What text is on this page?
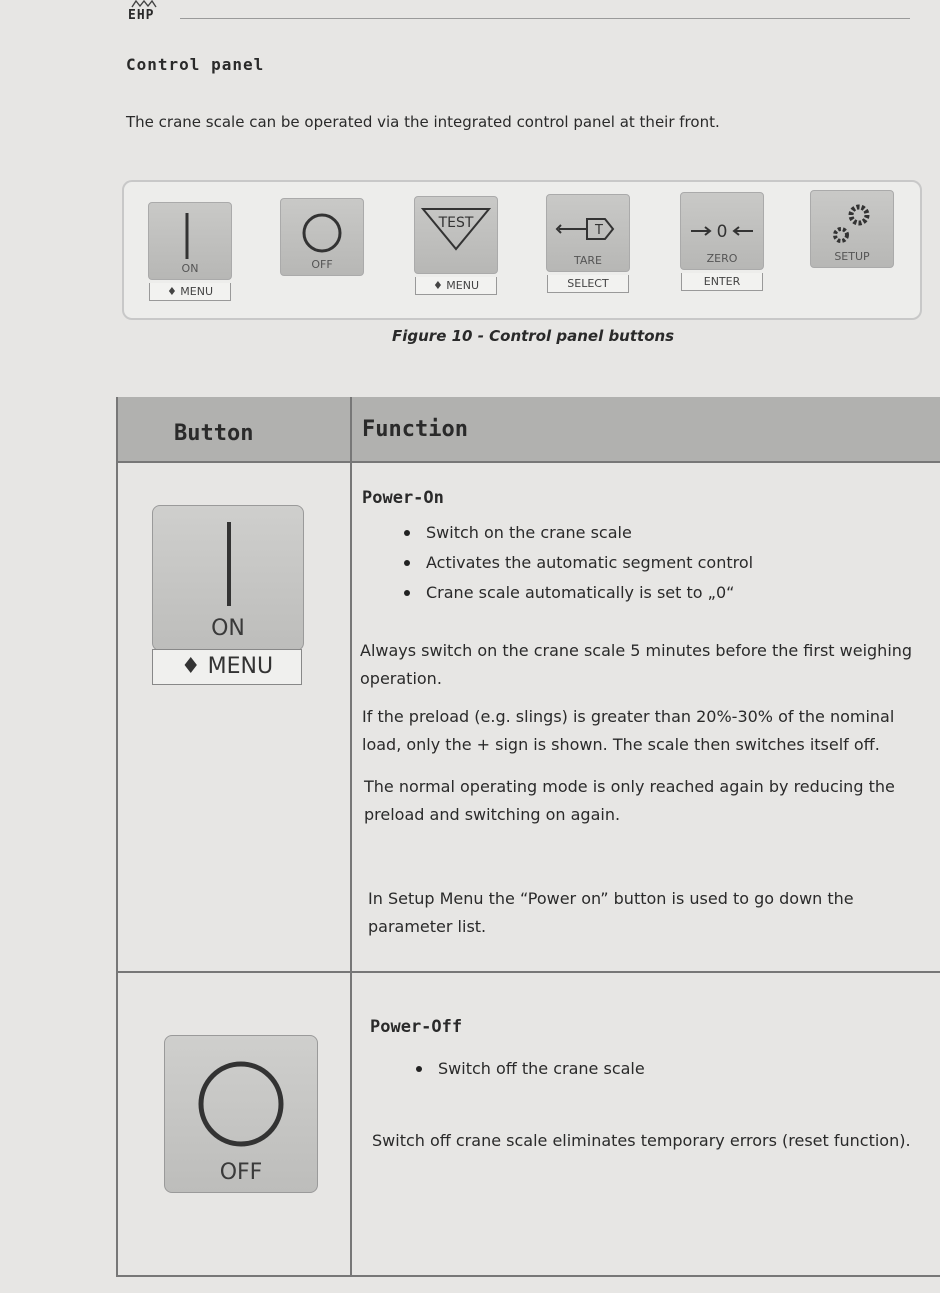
EHP
Control panel
The crane scale can be operated via the integrated control panel at their front.
ON
♦ MENU
OFF
TEST
♦ MENU
T
TARE
SELECT
0
ZERO
ENTER
SETUP
Figure 10 - Control panel buttons
Button	Function
ON
♦ MENU
Power-On
Switch on the crane scale
Activates the automatic segment control
Crane scale automatically is set to „0“
Always switch on the crane scale 5 minutes before the first weighing operation.
If the preload (e.g. slings) is greater than 20%-30% of the nominal load, only the + sign is shown. The scale then switches itself off.
The normal operating mode is only reached again by reducing the preload and switching on again.
In Setup Menu the “Power on” button is used to go down the parameter list.
OFF
Power-Off
Switch off the crane scale
Switch off crane scale eliminates temporary errors (reset function).
